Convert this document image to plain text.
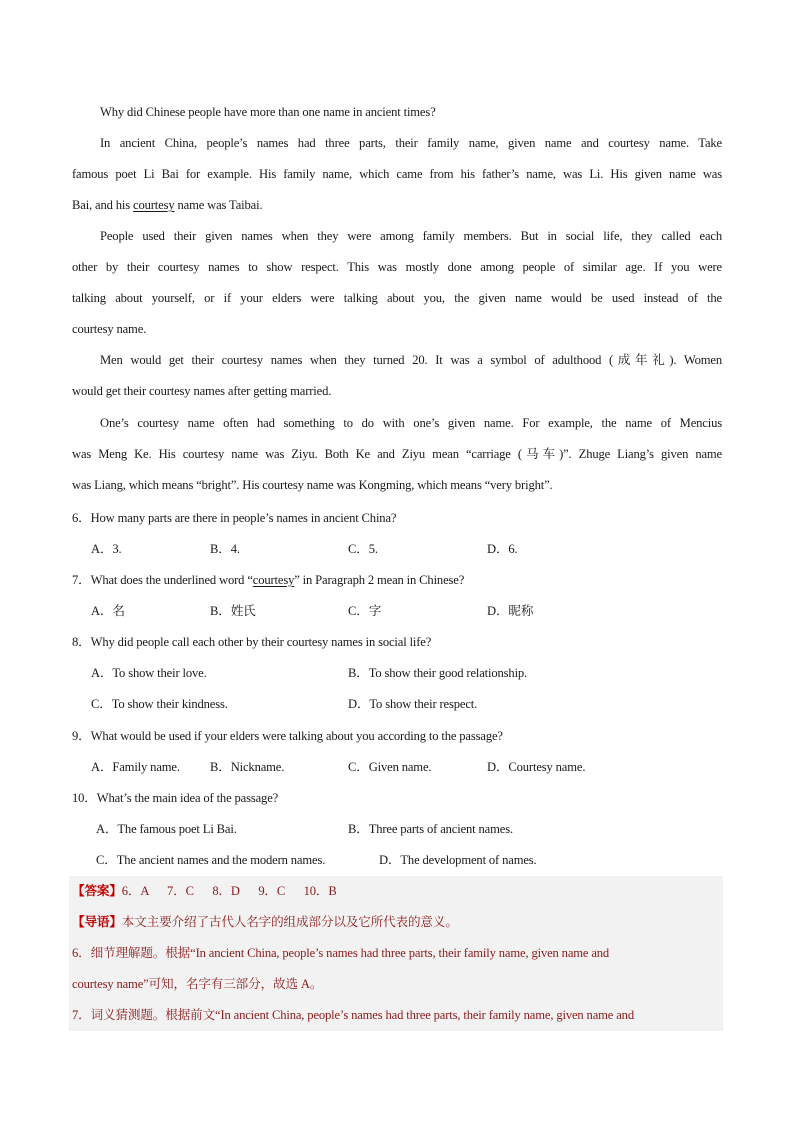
Why did Chinese people have more than one name in ancient times?
In ancient China, people’s names had three parts, their family name, given name and courtesy name. Take
famous poet Li Bai for example. His family name, which came from his father’s name, was Li. His given name was
Bai, and his courtesy name was Taibai.
People used their given names when they were among family members. But in social life, they called each
other by their courtesy names to show respect. This was mostly done among people of similar age. If you were
talking about yourself, or if your elders were talking about you, the given name would be used instead of the
courtesy name.
Men would get their courtesy names when they turned 20. It was a symbol of adulthood (成年礼). Women
would get their courtesy names after getting married.
One’s courtesy name often had something to do with one’s given name. For example, the name of Mencius
was Meng Ke. His courtesy name was Ziyu. Both Ke and Ziyu mean “carriage (马车)”. Zhuge Liang’s given name
was Liang, which means “bright”. His courtesy name was Kongming, which means “very bright”.
6．How many parts are there in people’s names in ancient China?
A．3.	B．4.	C．5.	D．6.
7．What does the underlined word “courtesy” in Paragraph 2 mean in Chinese?
A．名	B．姓氏	C．字	D．昵称
8．Why did people call each other by their courtesy names in social life?
A．To show their love.	B．To show their good relationship.
C．To show their kindness.	D．To show their respect.
9．What would be used if your elders were talking about you according to the passage?
A．Family name. B．Nickname.	C．Given name.	D．Courtesy name.
10．What’s the main idea of the passage?
A．The famous poet Li Bai.	B．Three parts of ancient names.
C．The ancient names and the modern names.	D．The development of names.
【答案】6．A　  7．C　  8．D　  9．C　  10．B
【导语】本文主要介绍了古代人名字的组成部分以及它所代表的意义。
6．细节理解题。根据“In ancient China, people’s names had three parts, their family name, given name and
courtesy name”可知，名字有三部分，故选 A。
7．词义猜测题。根据前文“In ancient China, people’s names had three parts, their family name, given name and
